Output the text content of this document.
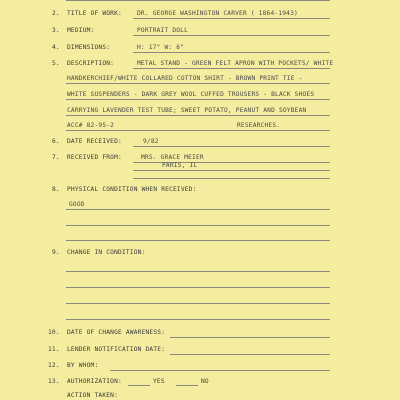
2. TITLE OF WORK: DR. GEORGE WASHINGTON CARVER ( 1864-1943)
3. MEDIUM:	PORTRAIT DOLL
4. DIMENSIONS:	H: 17" W: 6"
5. DESCRIPTION:	METAL STAND - GREEN FELT APRON WITH POCKETS/ WHITE
HANDKERCHIEF/WHITE COLLARED COTTON SHIRT - BROWN PRINT TIE -
WHITE SUSPENDERS - DARK GREY WOOL CUFFED TROUSERS - BLACK SHOES
CARRYING LAVENDER TEST TUBE; SWEET POTATO, PEANUT AND SOYBEAN
ACC# 82-95-2	RESEARCHES.
6. DATE RECEIVED:	9/82
7. RECEIVED FROM:	MRS. GRACE MEIER
PARIS, IL
8. PHYSICAL CONDITION WHEN RECEIVED:
GOOD
9. CHANGE IN CONDITION:
10. DATE OF CHANGE AWARENESS:
11. LENDER NOTIFICATION DATE:
12. BY WHOM:
13. AUTHORIZATION:	YES	NO
ACTION TAKEN:
